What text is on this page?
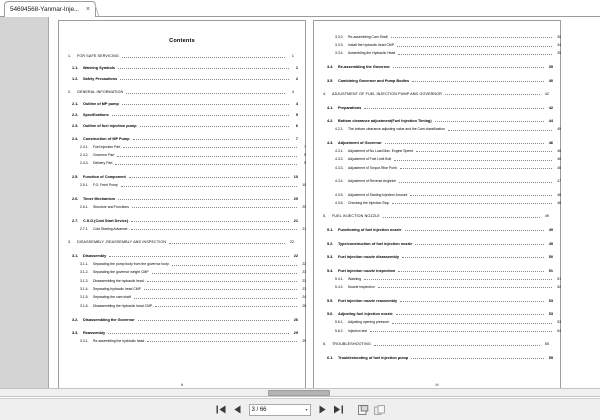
54694568-Yanmar-Inje... ×
Contents
1.	FOR SAFE SERVICING	1
1.1.	Warning Symbols	1
1.2.	Safety Precautions	2
2.	GENERAL INFORMATION	4
2.1.	Outline of MP pump	4
2.2.	Specifications	5
2.3.	Outline of fuel injection pump	6
2.4.	Construction of MP Pump	7
2.4.1.	Fuel Injection Part	7
2.4.2.	Governor Part	9
2.4.3.	Delivery Part	9
2.5.	Function of Component	10
2.5.1.	F.O. Feed Pump	10
2.6.	Timer Mechanism	20
2.6.1.	Structure and Functions	20
2.7.	C.S.D.(Cold Start Device)	21
2.7.1.	Cold Starting Advancer	21
3.	DISASSEMBLY ,REASSEMBLY AND INSPECTION	22
3.1.	Disassembly	22
3.1.1.	Separating the pump body from the governor body	22
3.1.2.	Separating the governor weight CMP	23
3.1.3.	Disassembling the hydraulic head	23
3.1.4.	Separating hydraulic head CMP	23
3.1.5.	Separating the cam shaft	24
3.1.6.	Disassembling the hydraulic head CMP	25
3.2.	Disassembling the Governor	26
3.3.	Reassembly	29
3.3.1.	Re-assembling the hydraulic head	29
iii
3.3.2.	Re-assembling Cam Shaft	30
3.3.3.	Install the hydraulic head CMP	34
3.3.4.	Assembling the Hydraulic Head	35
3.4.	Re-assembling the Governor	39
3.5.	Combining Governor and Pump Bodies	40
4.	ADJUSTMENT OF FUEL INJECTION PUMP AND GOVERNOR	42
4.1.	Preparations	42
4.2.	Bottom clearance adjustment(Fuel Injection Timing)	44
4.2.1.	The bottom clearance adjusting value and the Cam classification	45
4.3.	Adjustment of Governor	46
4.3.1.	Adjustment of No Load Max. Engine Speed	46
4.3.2.	Adjustment of Fuel Limit Bolt	46
4.3.3.	Adjustment of Torque-Rise Point	46
4.3.4.	Adjustment of Reverse Angleich	47
4.3.5.	Adjustment of Starting Injection Amount	48
4.3.6.	Checking the Injection Stop	48
5.	FUEL INJECTION NOZZLE	49
5.1.	Functioning of fuel injection nozzle	49
5.2.	Type/construction of fuel injection nozzle	49
5.3.	Fuel injection nozzle disassembly	50
5.4.	Fuel injection nozzle inspection	51
5.4.1.	Washing	51
5.4.2.	Nozzle inspection	52
5.5.	Fuel injection nozzle reassembly	53
5.6.	Adjusting fuel injection nozzle	53
5.6.1.	Adjusting opening pressure	53
5.6.2.	Injection test	54
6.	TROUBLESHOOTING	55
6.1.	Troubleshooting of fuel injection pump	55
iiii
3 / 66	▾
